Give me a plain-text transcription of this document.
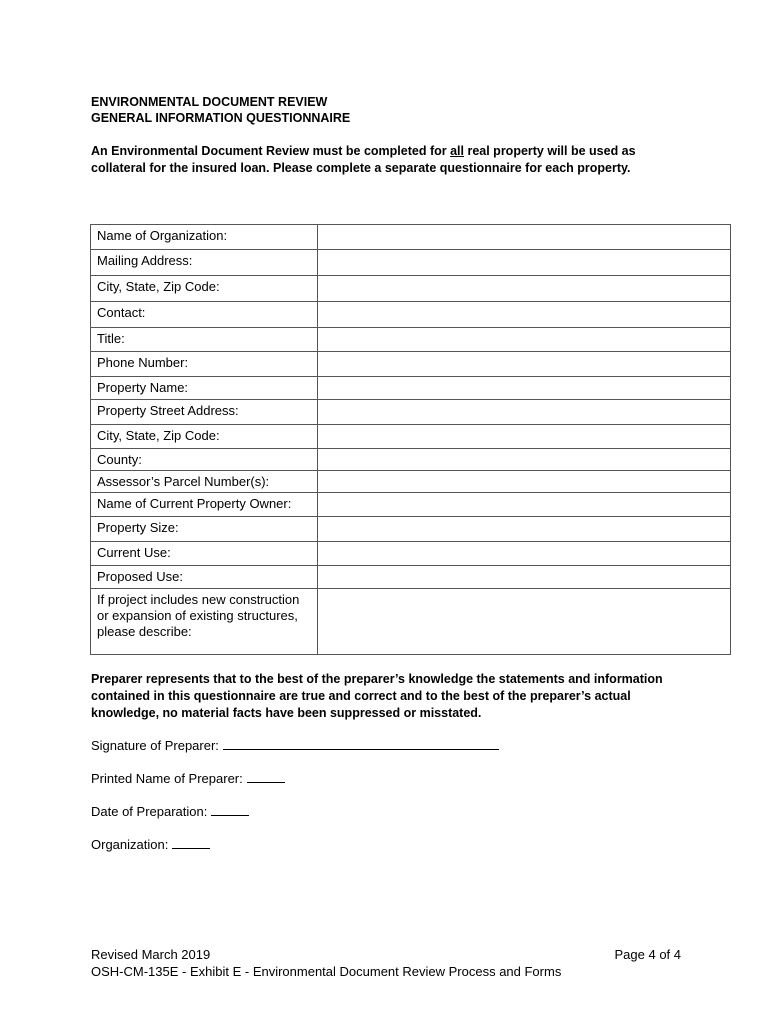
ENVIRONMENTAL DOCUMENT REVIEW
GENERAL INFORMATION QUESTIONNAIRE
An Environmental Document Review must be completed for all real property will be used as collateral for the insured loan. Please complete a separate questionnaire for each property.
Name of Organization:	
Mailing Address:	
City, State, Zip Code:	
Contact:	
Title:	
Phone Number:	
Property Name:	
Property Street Address:	
City, State, Zip Code:	
County:	
Assessor’s Parcel Number(s):	
Name of Current Property Owner:	
Property Size:	
Current Use:	
Proposed Use:	
If project includes new construction or expansion of existing structures, please describe:	
Preparer represents that to the best of the preparer’s knowledge the statements and information contained in this questionnaire are true and correct and to the best of the preparer’s actual knowledge, no material facts have been suppressed or misstated.
Signature of Preparer:
Printed Name of Preparer:
Date of Preparation:
Organization:
Revised March 2019	Page 4 of 4
OSH-CM-135E - Exhibit E - Environmental Document Review Process and Forms
